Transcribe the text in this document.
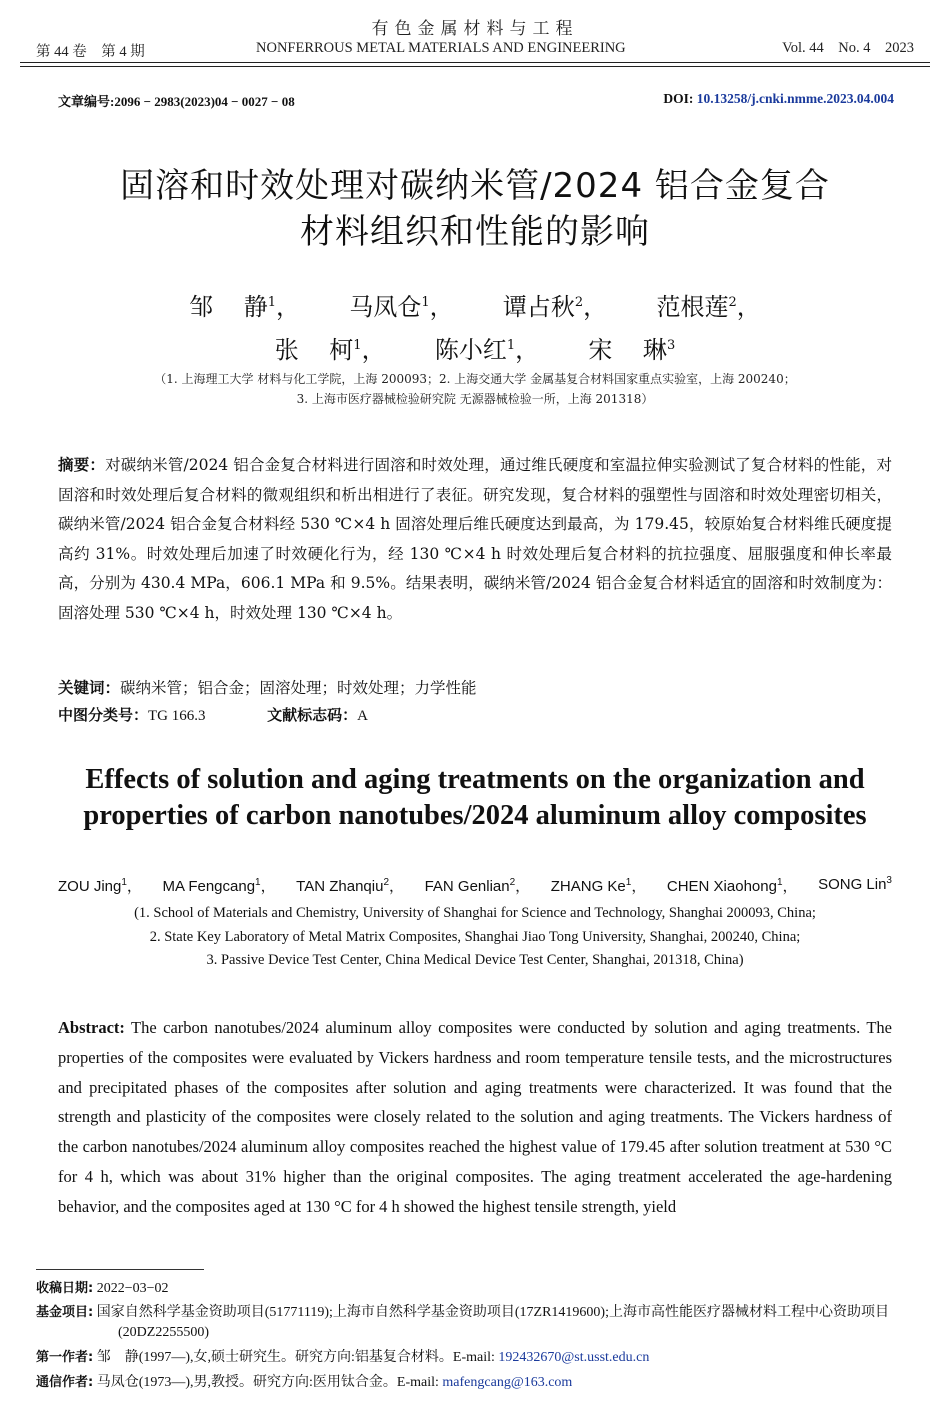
有色金属材料与工程
第 44 卷    第 4 期	NONFERROUS METAL MATERIALS AND ENGINEERING	Vol. 44    No. 4    2023
文章编号:2096 − 2983(2023)04 − 0027 − 08	DOI: 10.13258/j.cnki.nmme.2023.04.004
固溶和时效处理对碳纳米管/2024 铝合金复合
材料组织和性能的影响
邹    静$^1$， 马凤仓$^1$， 谭占秋$^2$， 范根莲$^2$，
张    柯$^1$， 陈小红$^1$， 宋    琳$^3$
（1. 上海理工大学 材料与化工学院，上海 200093；2. 上海交通大学 金属基复合材料国家重点实验室，上海 200240；
3. 上海市医疗器械检验研究院 无源器械检验一所，上海 201318）
摘要：对碳纳米管/2024 铝合金复合材料进行固溶和时效处理，通过维氏硬度和室温拉伸实验测试了复合材料的性能，对固溶和时效处理后复合材料的微观组织和析出相进行了表征。研究发现，复合材料的强塑性与固溶和时效处理密切相关，碳纳米管/2024 铝合金复合材料经 530 ℃×4 h 固溶处理后维氏硬度达到最高，为 179.45，较原始复合材料维氏硬度提高约 31%。时效处理后加速了时效硬化行为，经 130 ℃×4 h 时效处理后复合材料的抗拉强度、屈服强度和伸长率最高，分别为 430.4 MPa，606.1 MPa 和 9.5%。结果表明，碳纳米管/2024 铝合金复合材料适宜的固溶和时效制度为：固溶处理 530 ℃×4 h，时效处理 130 ℃×4 h。
关键词：碳纳米管；铝合金；固溶处理；时效处理；力学性能
中图分类号：TG 166.3	文献标志码：A
Effects of solution and aging treatments on the organization and
properties of carbon nanotubes/2024 aluminum alloy composites
ZOU Jing$^1$， MA Fengcang$^1$， TAN Zhanqiu$^2$， FAN Genlian$^2$， ZHANG Ke$^1$， CHEN Xiaohong$^1$， SONG Lin$^3$
(1. School of Materials and Chemistry, University of Shanghai for Science and Technology, Shanghai 200093, China;
2. State Key Laboratory of Metal Matrix Composites, Shanghai Jiao Tong University, Shanghai, 200240, China;
3. Passive Device Test Center, China Medical Device Test Center, Shanghai, 201318, China)
Abstract: The carbon nanotubes/2024 aluminum alloy composites were conducted by solution and aging treatments. The properties of the composites were evaluated by Vickers hardness and room temperature tensile tests, and the microstructures and precipitated phases of the composites after solution and aging treatments were characterized. It was found that the strength and plasticity of the composites were closely related to the solution and aging treatments. The Vickers hardness of the carbon nanotubes/2024 aluminum alloy composites reached the highest value of 179.45 after solution treatment at 530 °C for 4 h, which was about 31% higher than the original composites. The aging treatment accelerated the age-hardening behavior, and the composites aged at 130 °C for 4 h showed the highest tensile strength, yield
收稿日期: 2022−03−02
基金项目: 国家自然科学基金资助项目(51771119);上海市自然科学基金资助项目(17ZR1419600);上海市高性能医疗器械材料工程中心资助项目(20DZ2255500)
第一作者: 邹　静(1997—),女,硕士研究生。研究方向:铝基复合材料。E-mail: 192432670@st.usst.edu.cn
通信作者: 马凤仓(1973—),男,教授。研究方向:医用钛合金。E-mail: mafengcang@163.com
